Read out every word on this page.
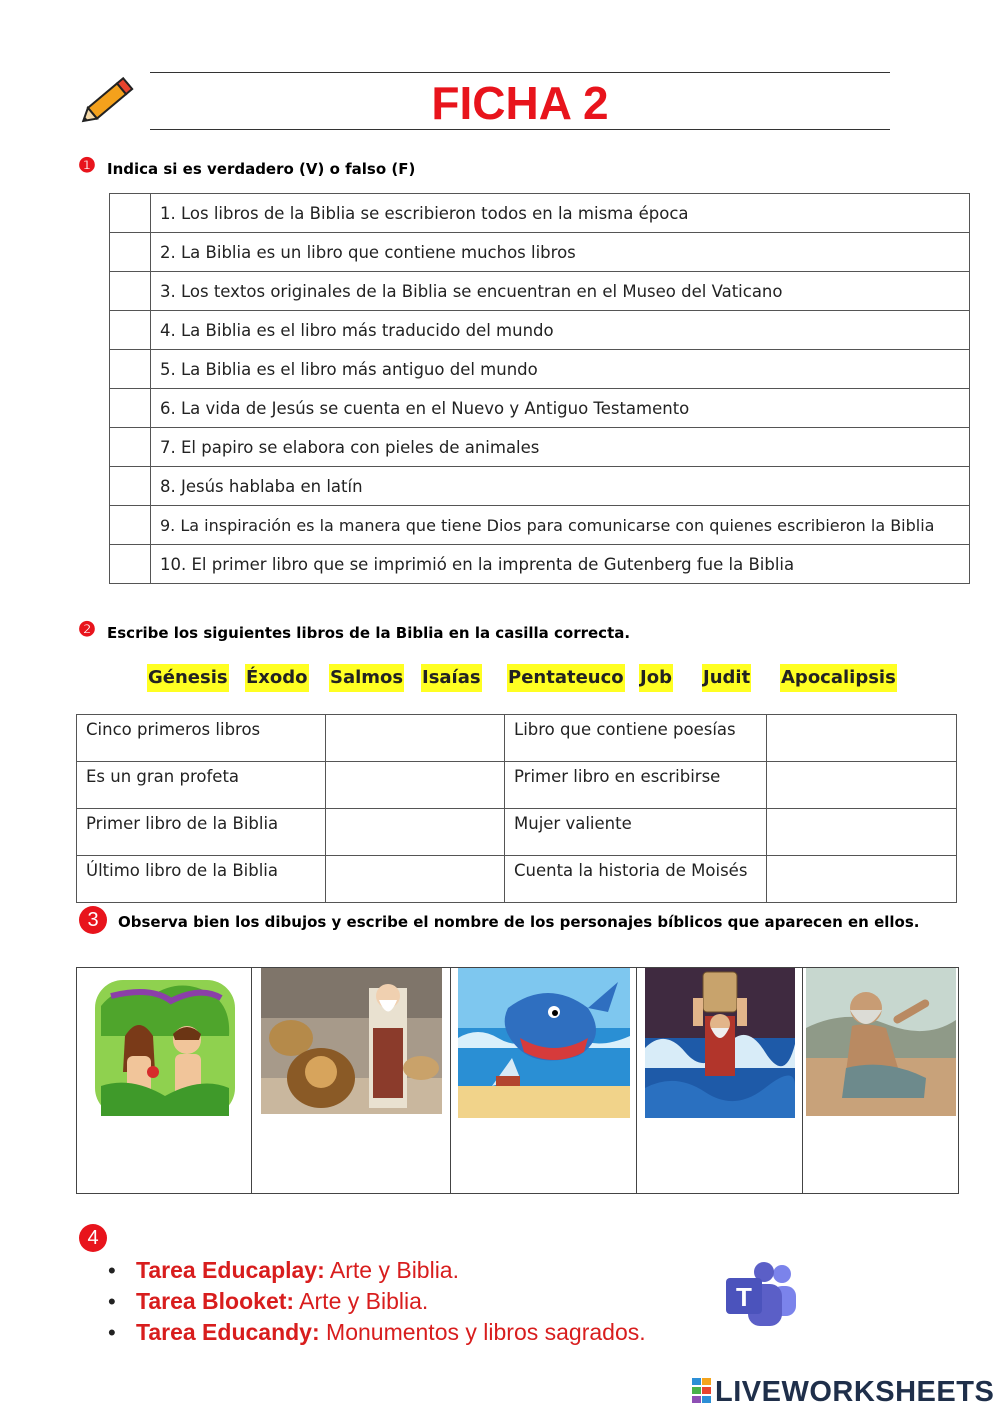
FICHA 2
❶ Indica si es verdadero (V) o falso (F)
	1. Los libros de la Biblia se escribieron todos en la misma época
	2. La Biblia es un libro que contiene muchos libros
	3. Los textos originales de la Biblia se encuentran en el Museo del Vaticano
	4. La Biblia es el libro más traducido del mundo
	5. La Biblia es el libro más antiguo del mundo
	6. La vida de Jesús se cuenta en el Nuevo y Antiguo Testamento
	7. El papiro se elabora con pieles de animales
	8. Jesús hablaba en latín
	9. La inspiración es la manera que tiene Dios para comunicarse con quienes escribieron la Biblia
	10. El primer libro que se imprimió en la imprenta de Gutenberg fue la Biblia
❷ Escribe los siguientes libros de la Biblia en la casilla correcta.
Génesis Éxodo Salmos Isaías Pentateuco Job Judit Apocalipsis
Cinco primeros libros		Libro que contiene poesías	
Es un gran profeta		Primer libro en escribirse	
Primer libro de la Biblia		Mujer valiente	
Último libro de la Biblia		Cuenta la historia de Moisés	
3	Observa bien los dibujos y escribe el nombre de los personajes bíblicos que aparecen en ellos.
4
• Tarea Educaplay: Arte y Biblia.
• Tarea Blooket: Arte y Biblia.
• Tarea Educandy: Monumentos y libros sagrados.
T
LIVEWORKSHEETS
